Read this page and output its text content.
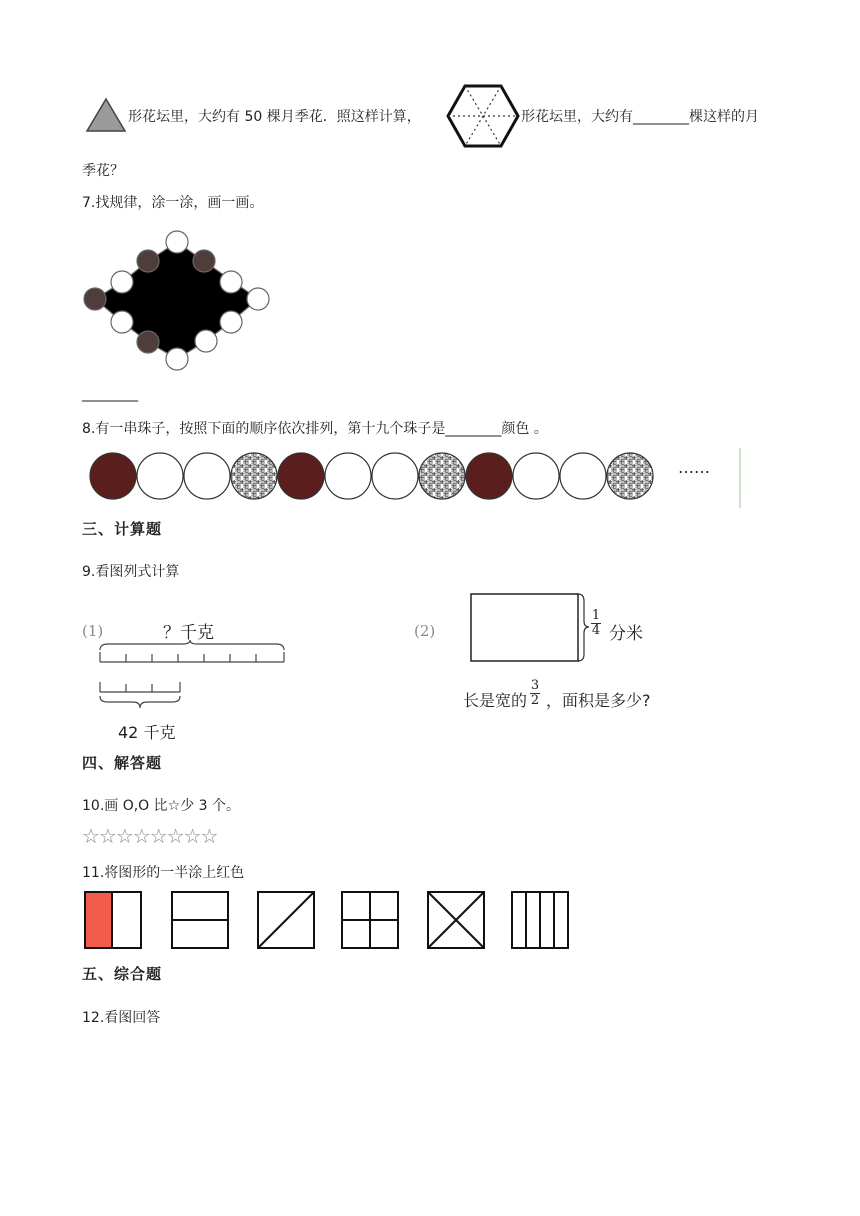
形花坛里，大约有 50 棵月季花．照这样计算，	形花坛里，大约有________棵这样的月
季花？
7.找规律，涂一涂，画一画。
________
8.有一串珠子，按照下面的顺序依次排列，第十九个珠子是________颜色 。
……
三、计算题
9.看图列式计算
(1)	？千克
42 千克
(2)
1
4 分米
长是宽的
3
2 ，面积是多少?
四、解答题
10.画 O,O 比☆少 3 个。
☆☆☆☆☆☆☆☆
11.将图形的一半涂上红色
五、综合题
12.看图回答
